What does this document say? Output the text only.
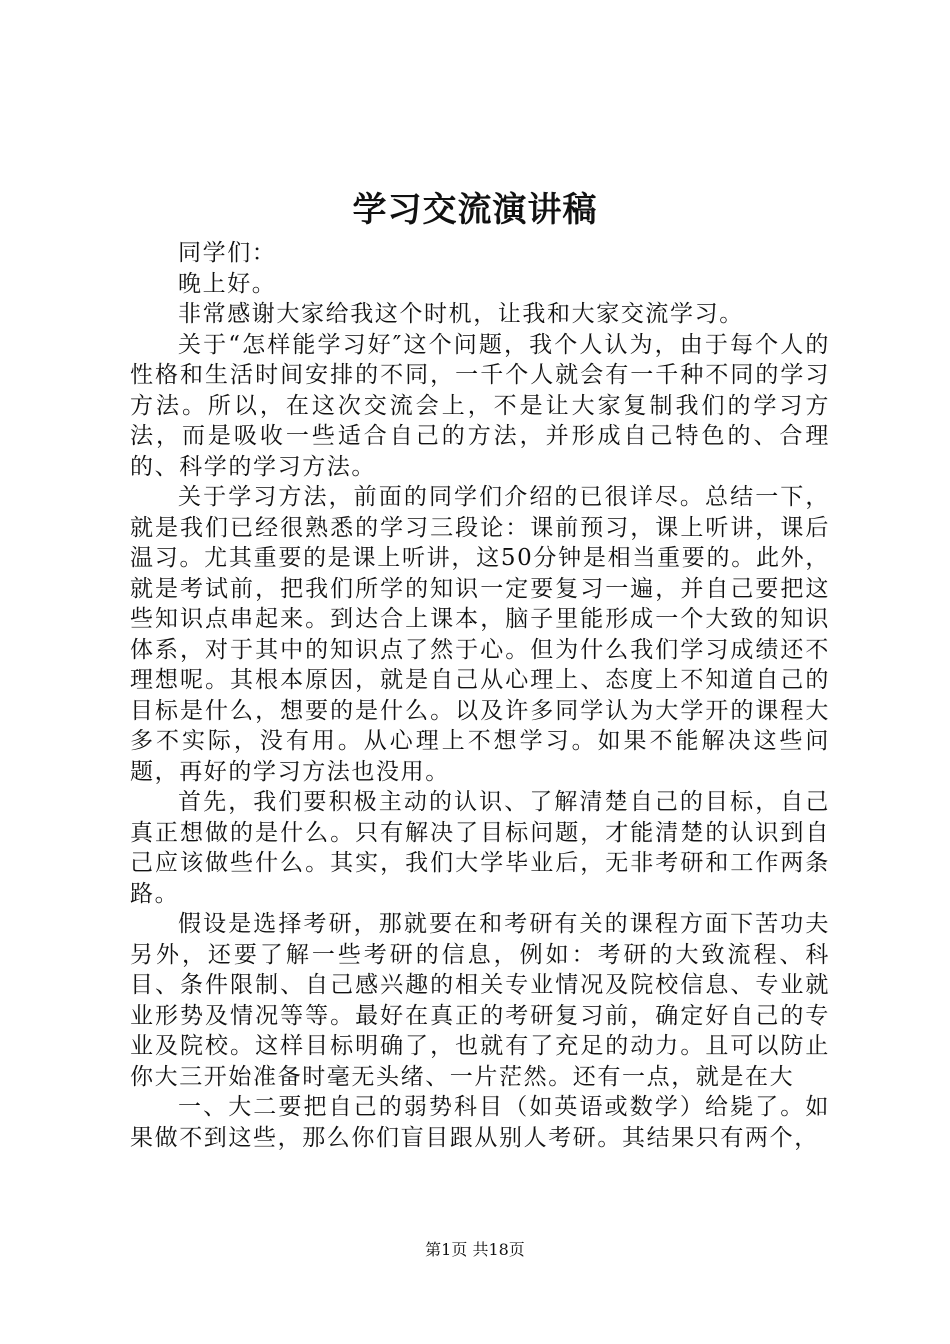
学习交流演讲稿

同学们：

晚上好。

非常感谢大家给我这个时机，让我和大家交流学习。

关于“怎样能学习好″这个问题，我个人认为，由于每个人的性格和生活时间安排的不同，一千个人就会有一千种不同的学习方法。所以，在这次交流会上，不是让大家复制我们的学习方法，而是吸收一些适合自己的方法，并形成自己特色的、合理的、科学的学习方法。

关于学习方法，前面的同学们介绍的已很详尽。总结一下，就是我们已经很熟悉的学习三段论：课前预习，课上听讲，课后温习。尤其重要的是课上听讲，这50分钟是相当重要的。此外，就是考试前，把我们所学的知识一定要复习一遍，并自己要把这些知识点串起来。到达合上课本，脑子里能形成一个大致的知识体系，对于其中的知识点了然于心。但为什么我们学习成绩还不理想呢。其根本原因，就是自己从心理上、态度上不知道自己的目标是什么，想要的是什么。以及许多同学认为大学开的课程大多不实际，没有用。从心理上不想学习。如果不能解决这些问题，再好的学习方法也没用。

首先，我们要积极主动的认识、了解清楚自己的目标，自己真正想做的是什么。只有解决了目标问题，才能清楚的认识到自己应该做些什么。其实，我们大学毕业后，无非考研和工作两条路。

假设是选择考研，那就要在和考研有关的课程方面下苦功夫另外，还要了解一些考研的信息，例如：考研的大致流程、科目、条件限制、自己感兴趣的相关专业情况及院校信息、专业就业形势及情况等等。最好在真正的考研复习前，确定好自己的专业及院校。这样目标明确了，也就有了充足的动力。且可以防止你大三开始准备时毫无头绪、一片茫然。还有一点，就是在大

一、大二要把自己的弱势科目（如英语或数学）给毙了。如果做不到这些，那么你们盲目跟从别人考研。其结果只有两个，

第1页 共18页
